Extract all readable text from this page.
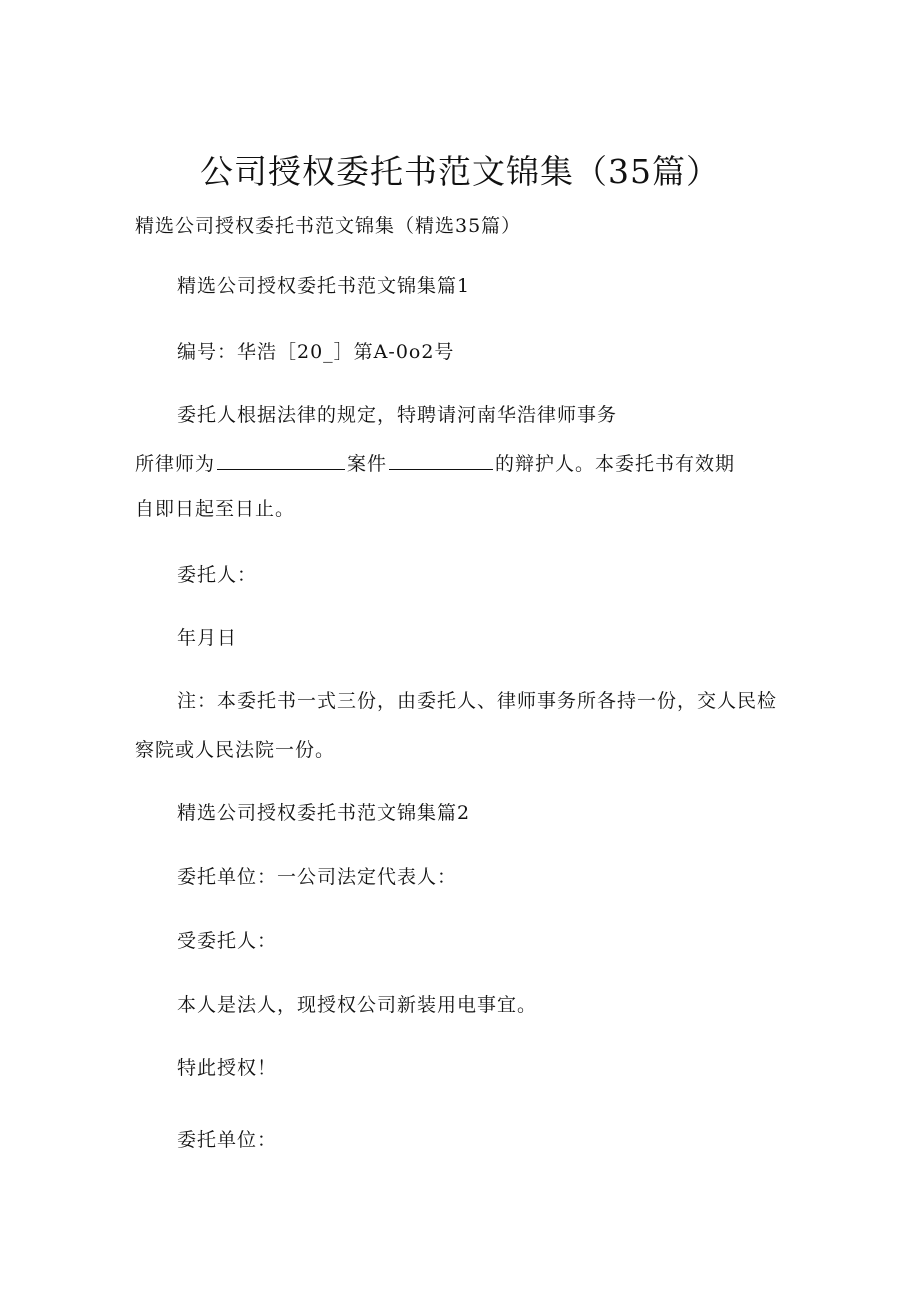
公司授权委托书范文锦集（35篇）
精选公司授权委托书范文锦集（精选35篇）
精选公司授权委托书范文锦集篇1
编号：华浩［20_］第A-0o2号
委托人根据法律的规定，特聘请河南华浩律师事务
所律师为	案件	的辩护人。本委托书有效期
自即日起至日止。
委托人：
年月日
注：本委托书一式三份，由委托人、律师事务所各持一份，交人民检
察院或人民法院一份。
精选公司授权委托书范文锦集篇2
委托单位：一公司法定代表人：
受委托人：
本人是法人，现授权公司新装用电事宜。
特此授权！
委托单位：
